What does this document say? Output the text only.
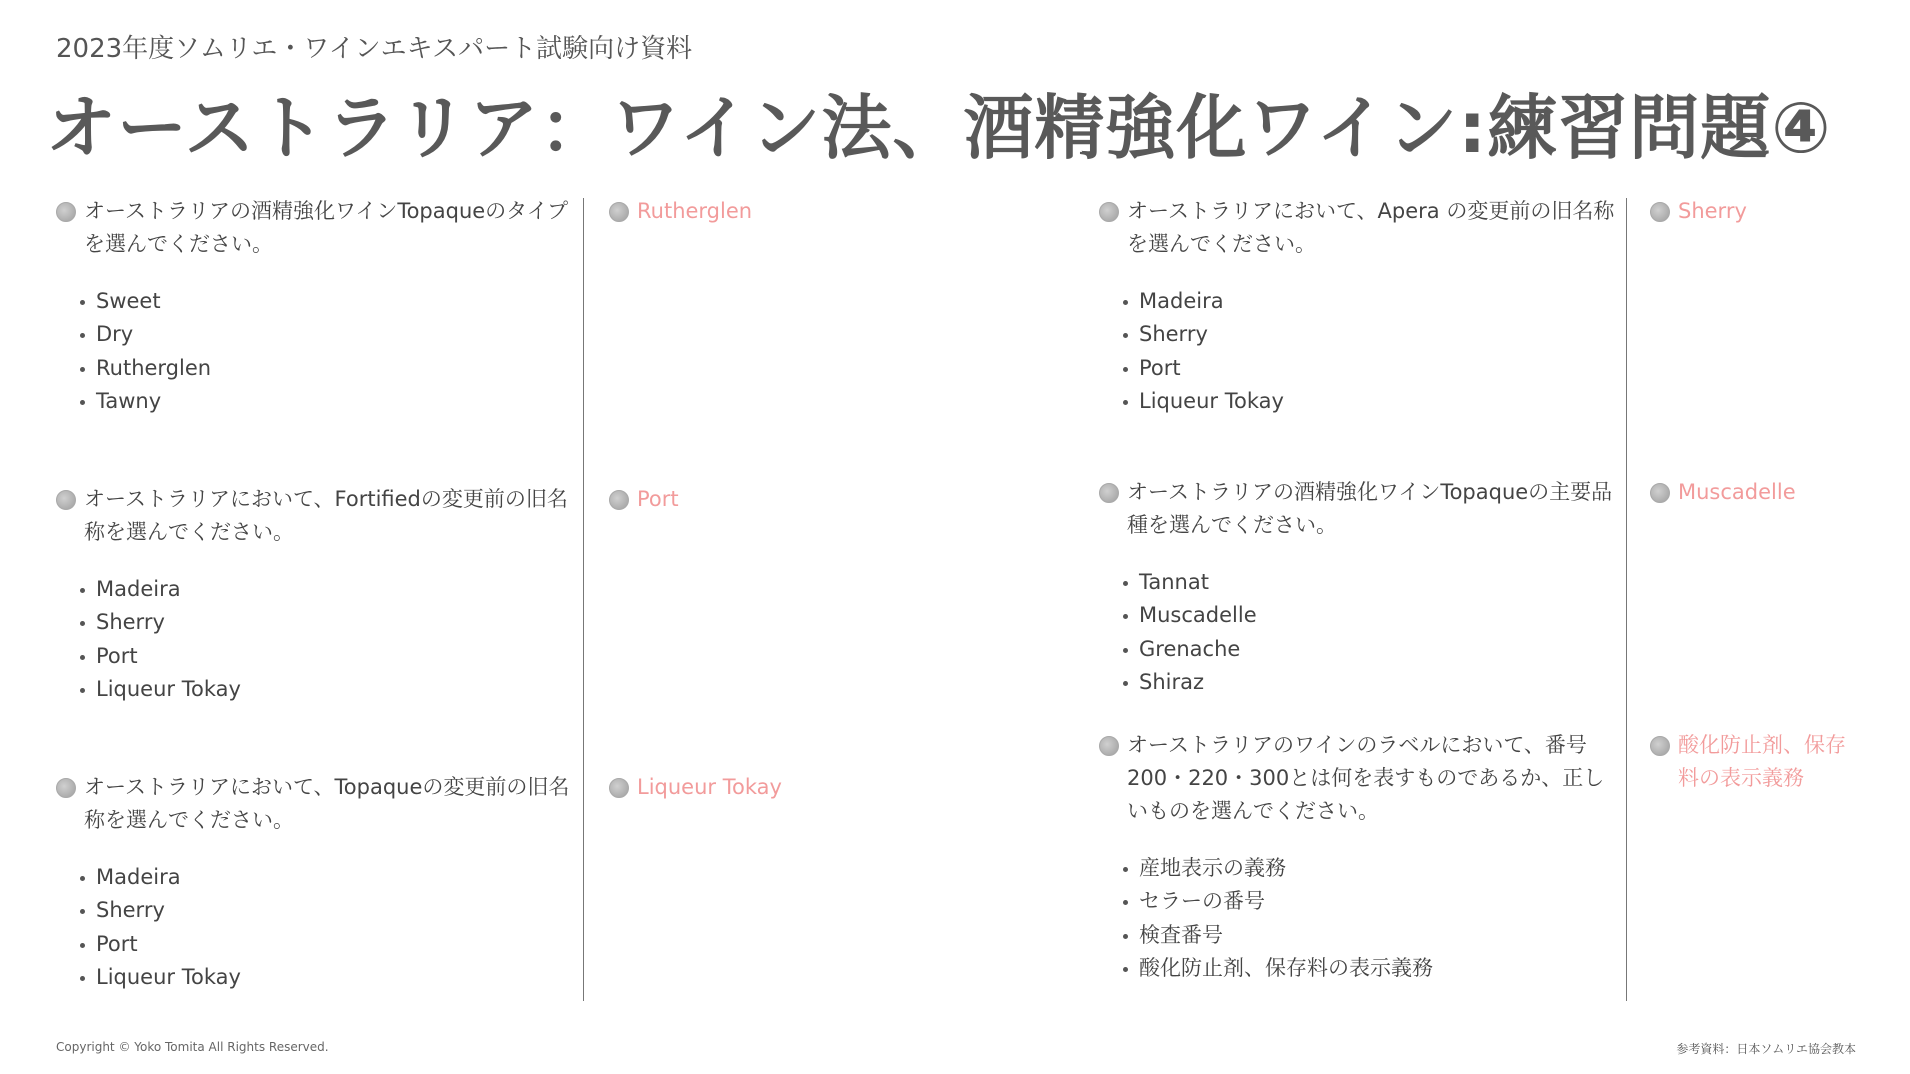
2023年度ソムリエ・ワインエキスパート試験向け資料
オーストラリア：ワイン法、酒精強化ワイン:練習問題④
オーストラリアの酒精強化ワインTopaqueのタイプを選んでください。
Sweet
Dry
Rutherglen
Tawny
Rutherglen
オーストラリアにおいて、Fortifiedの変更前の旧名称を選んでください。
Madeira
Sherry
Port
Liqueur Tokay
Port
オーストラリアにおいて、Topaqueの変更前の旧名称を選んでください。
Madeira
Sherry
Port
Liqueur Tokay
Liqueur Tokay
オーストラリアにおいて、Apera の変更前の旧名称を選んでください。
Madeira
Sherry
Port
Liqueur Tokay
Sherry
オーストラリアの酒精強化ワインTopaqueの主要品種を選んでください。
Tannat
Muscadelle
Grenache
Shiraz
Muscadelle
オーストラリアのワインのラベルにおいて、番号200・220・300とは何を表すものであるか、正しいものを選んでください。
産地表示の義務
セラーの番号
検査番号
酸化防止剤、保存料の表示義務
酸化防止剤、保存料の表示義務
Copyright © Yoko Tomita All Rights Reserved.	参考資料：日本ソムリエ協会教本
